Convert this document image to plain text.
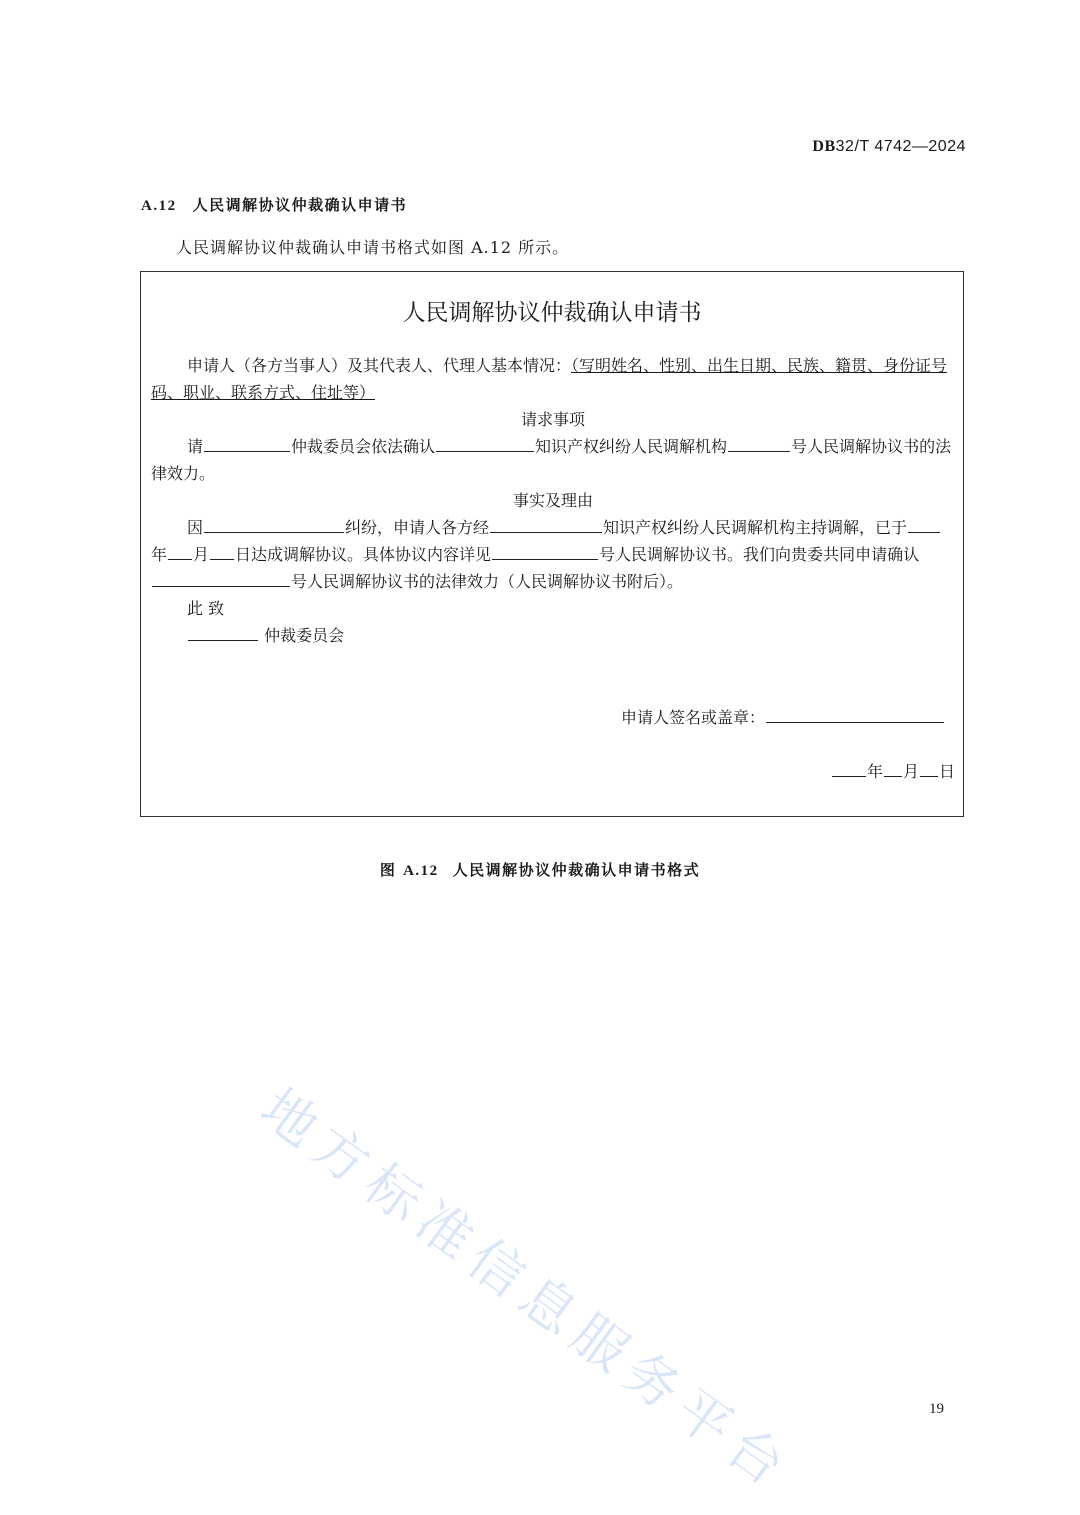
DB32/T 4742—2024
A.12 人民调解协议仲裁确认申请书
人民调解协议仲裁确认申请书格式如图 A.12 所示。
人民调解协议仲裁确认申请书

申请人（各方当事人）及其代表人、代理人基本情况：（写明姓名、性别、出生日期、民族、籍贯、身份证号码、职业、联系方式、住址等）

请求事项

请	仲裁委员会依法确认	知识产权纠纷人民调解机构	号人民调解协议书的法律效力。

事实及理由

因	纠纷，申请人各方经	知识产权纠纷人民调解机构主持调解，已于年 月 日达成调解协议。具体协议内容详见	号人民调解协议书。我们向贵委共同申请确认号人民调解协议书的法律效力（人民调解协议书附后）。

此 致

仲裁委员会

申请人签名或盖章：
年 月 日
图 A.12 人民调解协议仲裁确认申请书格式
地方标准信息服务平台	19
